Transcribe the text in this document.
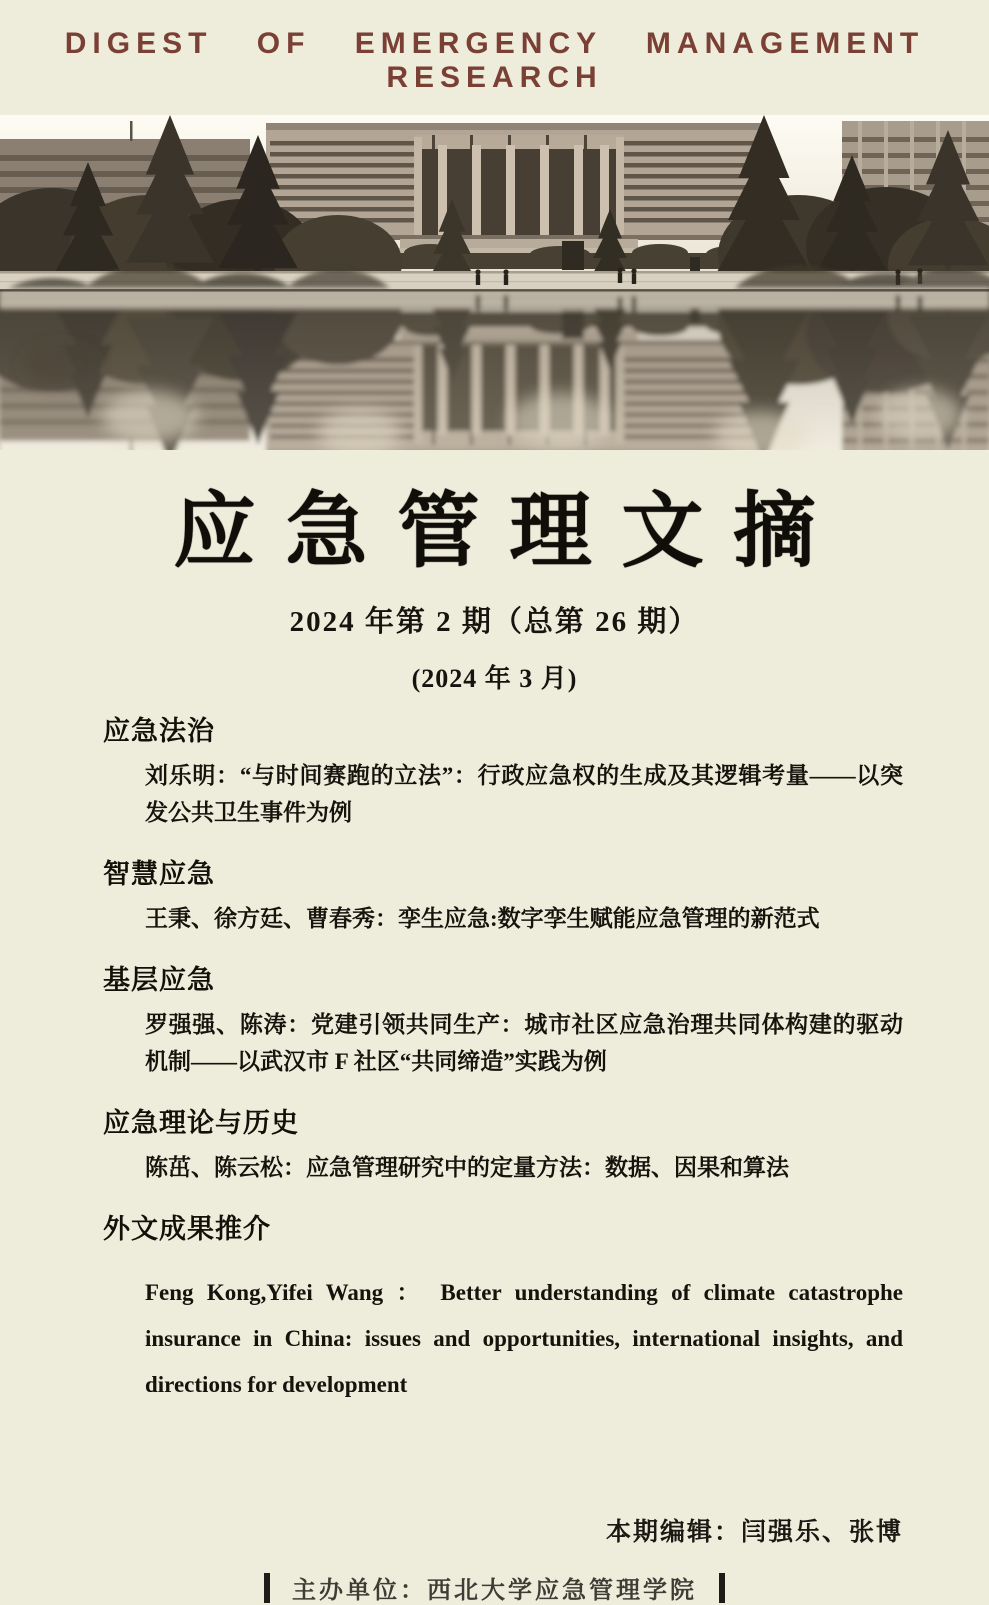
DIGEST OF EMERGENCY MANAGEMENT RESEARCH
应急管理文摘
2024 年第 2 期（总第 26 期）
(2024 年 3 月)
应急法治
刘乐明：“与时间赛跑的立法”：行政应急权的生成及其逻辑考量——以突发公共卫生事件为例
智慧应急
王秉、徐方廷、曹春秀：孪生应急:数字孪生赋能应急管理的新范式
基层应急
罗强强、陈涛：党建引领共同生产：城市社区应急治理共同体构建的驱动机制——以武汉市 F 社区“共同缔造”实践为例
应急理论与历史
陈茁、陈云松：应急管理研究中的定量方法：数据、因果和算法
外文成果推介
Feng Kong,Yifei Wang ： Better understanding of climate catastrophe insurance in China: issues and opportunities, international insights, and directions for development
本期编辑：闫强乐、张博
主办单位：西北大学应急管理学院
